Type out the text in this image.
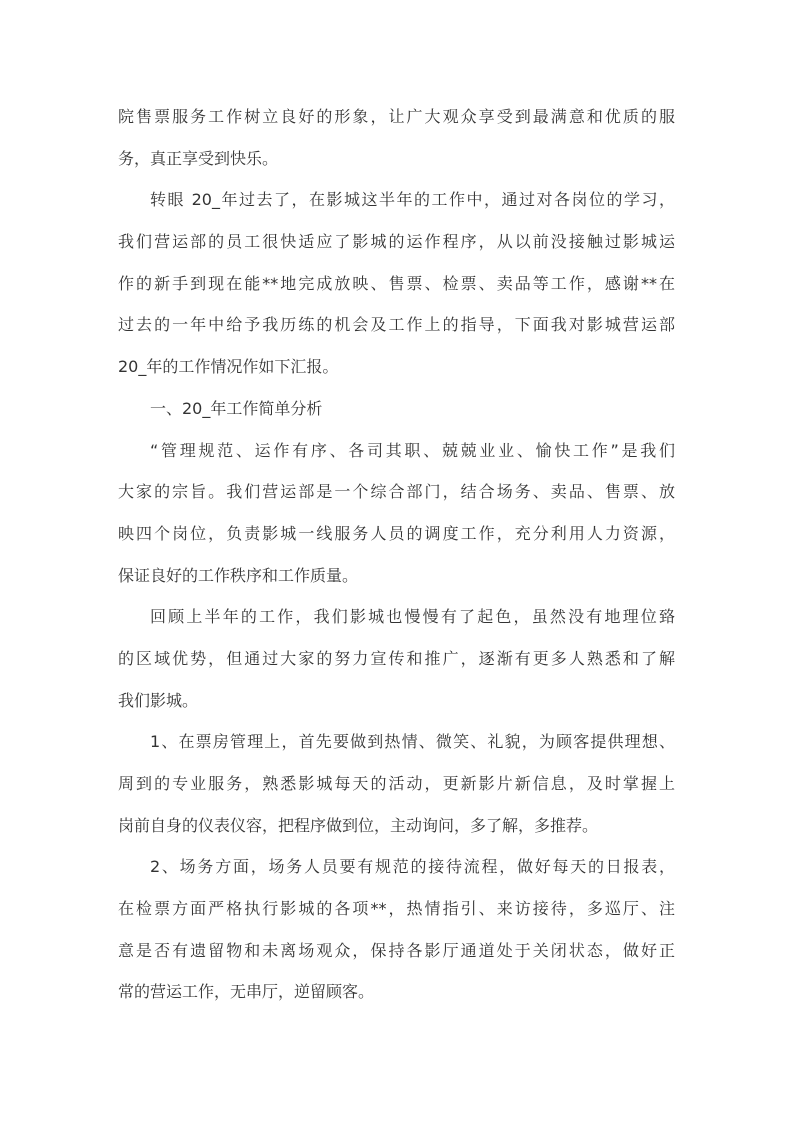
院售票服务工作树立良好的形象，让广大观众享受到最满意和优质的服
务，真正享受到快乐。
转眼 20_年过去了，在影城这半年的工作中，通过对各岗位的学习，
我们营运部的员工很快适应了影城的运作程序，从以前没接触过影城运
作的新手到现在能**地完成放映、售票、检票、卖品等工作，感谢**在
过去的一年中给予我历练的机会及工作上的指导，下面我对影城营运部
20_年的工作情况作如下汇报。
一、20_年工作简单分析
“管理规范、运作有序、各司其职、兢兢业业、愉快工作”是我们
大家的宗旨。我们营运部是一个综合部门，结合场务、卖品、售票、放
映四个岗位，负责影城一线服务人员的调度工作，充分利用人力资源，
保证良好的工作秩序和工作质量。
回顾上半年的工作，我们影城也慢慢有了起色，虽然没有地理位臵
的区域优势，但通过大家的努力宣传和推广，逐渐有更多人熟悉和了解
我们影城。
1、在票房管理上，首先要做到热情、微笑、礼貌，为顾客提供理想、
周到的专业服务，熟悉影城每天的活动，更新影片新信息，及时掌握上
岗前自身的仪表仪容，把程序做到位，主动询问，多了解，多推荐。
2、场务方面，场务人员要有规范的接待流程，做好每天的日报表，
在检票方面严格执行影城的各项**，热情指引、来访接待，多巡厅、注
意是否有遗留物和未离场观众，保持各影厅通道处于关闭状态，做好正
常的营运工作，无串厅，逆留顾客。
